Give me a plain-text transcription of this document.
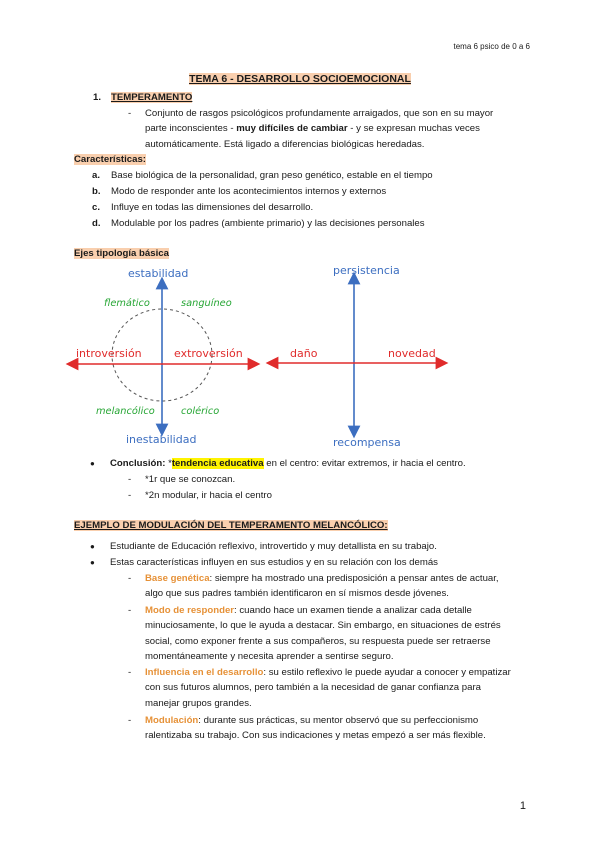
tema 6 psico de 0 a 6
TEMA 6 - DESARROLLO SOCIOEMOCIONAL
1. TEMPERAMENTO
- Conjunto de rasgos psicológicos profundamente arraigados, que son en su mayor
parte inconscientes - muy difíciles de cambiar - y se expresan muchas veces
automáticamente. Está ligado a diferencias biológicas heredadas.
Características:
a. Base biológica de la personalidad, gran peso genético, estable en el tiempo
b. Modo de responder ante los acontecimientos internos y externos
c. Influye en todas las dimensiones del desarrollo.
d. Modulable por los padres (ambiente primario) y las decisiones personales
Ejes tipología básica
estabilidad
inestabilidad
introversión	extroversión
flemático	sanguíneo
melancólico	colérico
persistencia
recompensa
daño	novedad
● Conclusión: *tendencia educativa en el centro: evitar extremos, ir hacia el centro.
- *1r que se conozcan.
- *2n modular, ir hacia el centro
EJEMPLO DE MODULACIÓN DEL TEMPERAMENTO MELANCÓLICO:
● Estudiante de Educación reflexivo, introvertido y muy detallista en su trabajo.
● Estas características influyen en sus estudios y en su relación con los demás
- Base genética: siempre ha mostrado una predisposición a pensar antes de actuar,
algo que sus padres también identificaron en sí mismos desde jóvenes.
- Modo de responder: cuando hace un examen tiende a analizar cada detalle
minuciosamente, lo que le ayuda a destacar. Sin embargo, en situaciones de estrés
social, como exponer frente a sus compañeros, su respuesta puede ser retraerse
momentáneamente y necesita aprender a sentirse seguro.
- Influencia en el desarrollo: su estilo reflexivo le puede ayudar a conocer y empatizar
con sus futuros alumnos, pero también a la necesidad de ganar confianza para
manejar grupos grandes.
- Modulación: durante sus prácticas, su mentor observó que su perfeccionismo
ralentizaba su trabajo. Con sus indicaciones y metas empezó a ser más flexible.
1
